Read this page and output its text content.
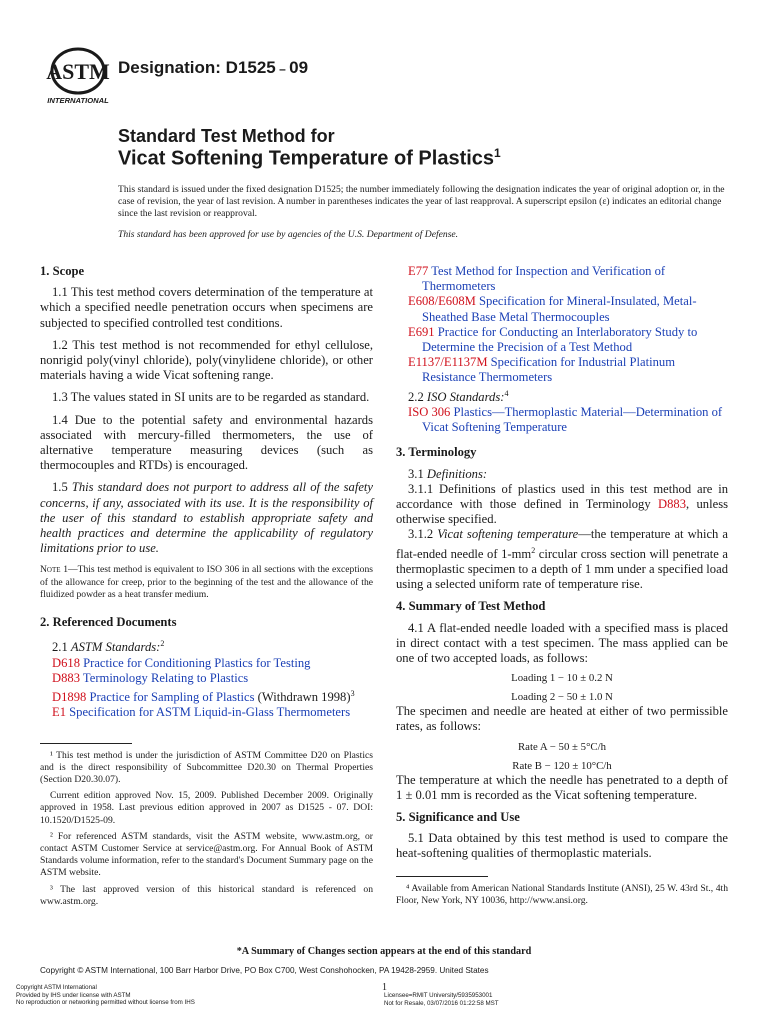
ASTM
INTERNATIONAL
Designation: D1525 – 09
Standard Test Method for
Vicat Softening Temperature of Plastics$^1$
This standard is issued under the fixed designation D1525; the number immediately following the designation indicates the year of original adoption or, in the case of revision, the year of last revision. A number in parentheses indicates the year of last reapproval. A superscript epsilon (ε) indicates an editorial change since the last revision or reapproval.
This standard has been approved for use by agencies of the U.S. Department of Defense.
1. Scope

1.1 This test method covers determination of the temperature at which a specified needle penetration occurs when specimens are subjected to specified controlled test conditions.

1.2 This test method is not recommended for ethyl cellulose, nonrigid poly(vinyl chloride), poly(vinylidene chloride), or other materials having a wide Vicat softening range.

1.3 The values stated in SI units are to be regarded as standard.

1.4 Due to the potential safety and environmental hazards associated with mercury-filled thermometers, the use of alternative temperature measuring devices (such as thermocouples and RTDs) is encouraged.

1.5 This standard does not purport to address all of the safety concerns, if any, associated with its use. It is the responsibility of the user of this standard to establish appropriate safety and health practices and determine the applicability of regulatory limitations prior to use.

Note 1—This test method is equivalent to ISO 306 in all sections with the exceptions of the allowance for creep, prior to the beginning of the test and the allowance of the fluidized powder as a heat transfer medium.
2. Referenced Documents

2.1 ASTM Standards:$^2$

D618 Practice for Conditioning Plastics for Testing

D883 Terminology Relating to Plastics

D1898 Practice for Sampling of Plastics (Withdrawn 1998)$^3$

E1 Specification for ASTM Liquid-in-Glass Thermometers

¹ This test method is under the jurisdiction of ASTM Committee D20 on Plastics and is the direct responsibility of Subcommittee D20.30 on Thermal Properties (Section D20.30.07).

Current edition approved Nov. 15, 2009. Published December 2009. Originally approved in 1958. Last previous edition approved in 2007 as D1525 - 07. DOI: 10.1520/D1525-09.

² For referenced ASTM standards, visit the ASTM website, www.astm.org, or contact ASTM Customer Service at service@astm.org. For Annual Book of ASTM Standards volume information, refer to the standard's Document Summary page on the ASTM website.

³ The last approved version of this historical standard is referenced on www.astm.org.

E77 Test Method for Inspection and Verification of Thermometers

E608/E608M Specification for Mineral-Insulated, Metal-Sheathed Base Metal Thermocouples

E691 Practice for Conducting an Interlaboratory Study to Determine the Precision of a Test Method

E1137/E1137M Specification for Industrial Platinum Resistance Thermometers

2.2 ISO Standards:$^4$

ISO 306 Plastics—Thermoplastic Material—Determination of Vicat Softening Temperature

3. Terminology

3.1 Definitions:

3.1.1 Definitions of plastics used in this test method are in accordance with those defined in Terminology D883, unless otherwise specified.

3.1.2 Vicat softening temperature—the temperature at which a flat-ended needle of $1-mm^2$ circular cross section will penetrate a thermoplastic specimen to a depth of 1 mm under a specified load using a selected uniform rate of temperature rise.

4. Summary of Test Method

4.1 A flat-ended needle loaded with a specified mass is placed in direct contact with a test specimen. The mass applied can be one of two accepted loads, as follows:

Loading 1 − 10 ± 0.2 N

Loading 2 − 50 ± 1.0 N

The specimen and needle are heated at either of two permissible rates, as follows:

Rate A − 50 ± 5°C/h

Rate B − 120 ± 10°C/h

The temperature at which the needle has penetrated to a depth of 1 ± 0.01 mm is recorded as the Vicat softening temperature.

5. Significance and Use

5.1 Data obtained by this test method is used to compare the heat-softening qualities of thermoplastic materials.

⁴ Available from American National Standards Institute (ANSI), 25 W. 43rd St., 4th Floor, New York, NY 10036, http://www.ansi.org.

*A Summary of Changes section appears at the end of this standard
Copyright © ASTM International, 100 Barr Harbor Drive, PO Box C700, West Conshohocken, PA 19428-2959. United States
Copyright ASTM International
Provided by IHS under license with ASTM
No reproduction or networking permitted without license from IHS
1
Licensee=RMIT University/5935953001
Not for Resale, 03/07/2016 01:22:58 MST
